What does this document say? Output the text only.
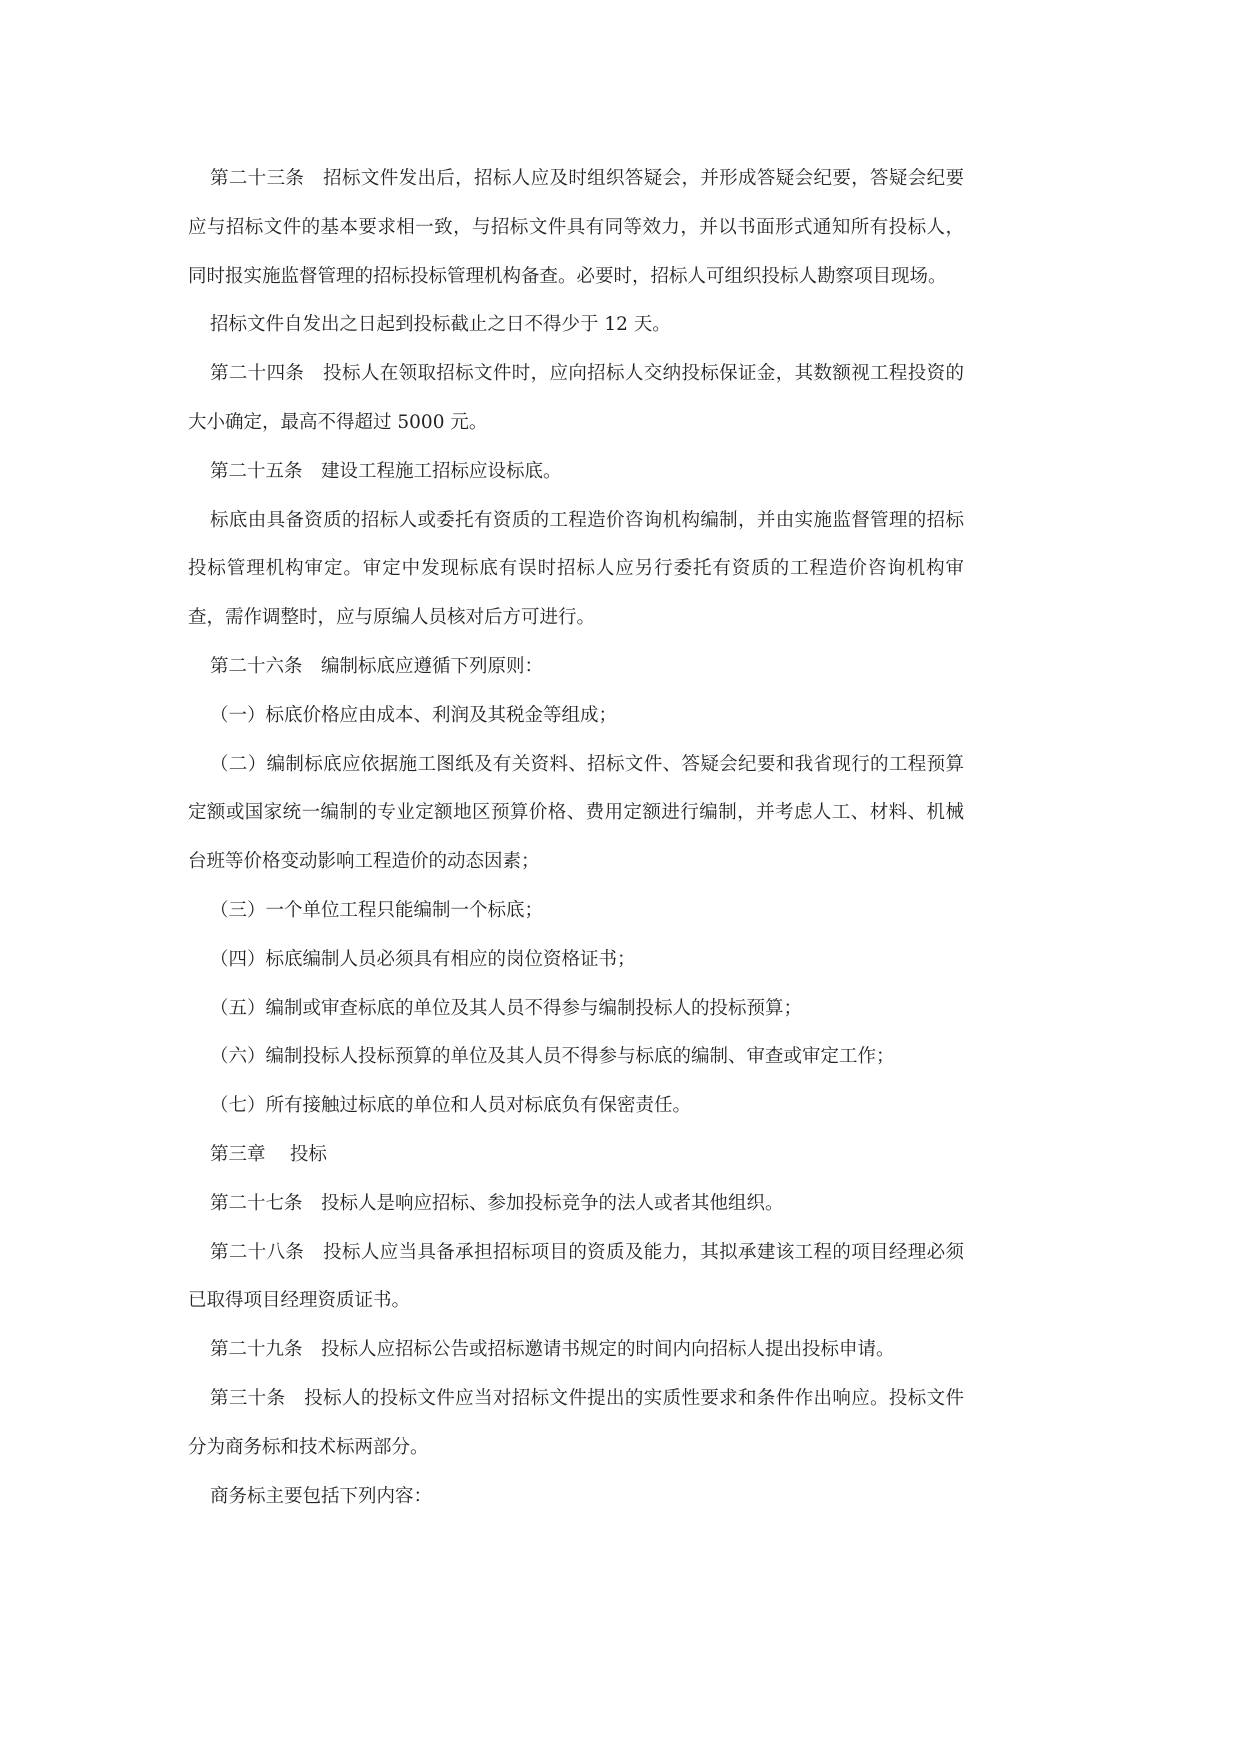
第二十三条　招标文件发出后，招标人应及时组织答疑会，并形成答疑会纪要，答疑会纪要应与招标文件的基本要求相一致，与招标文件具有同等效力，并以书面形式通知所有投标人，同时报实施监督管理的招标投标管理机构备查。必要时，招标人可组织投标人勘察项目现场。

招标文件自发出之日起到投标截止之日不得少于 12 天。

第二十四条　投标人在领取招标文件时，应向招标人交纳投标保证金，其数额视工程投资的大小确定，最高不得超过 5000 元。

第二十五条　建设工程施工招标应设标底。

标底由具备资质的招标人或委托有资质的工程造价咨询机构编制，并由实施监督管理的招标投标管理机构审定。审定中发现标底有误时招标人应另行委托有资质的工程造价咨询机构审查，需作调整时，应与原编人员核对后方可进行。

第二十六条　编制标底应遵循下列原则：

（一）标底价格应由成本、利润及其税金等组成；

（二）编制标底应依据施工图纸及有关资料、招标文件、答疑会纪要和我省现行的工程预算定额或国家统一编制的专业定额地区预算价格、费用定额进行编制，并考虑人工、材料、机械台班等价格变动影响工程造价的动态因素；

（三）一个单位工程只能编制一个标底；

（四）标底编制人员必须具有相应的岗位资格证书；

（五）编制或审查标底的单位及其人员不得参与编制投标人的投标预算；

（六）编制投标人投标预算的单位及其人员不得参与标底的编制、审查或审定工作；

（七）所有接触过标底的单位和人员对标底负有保密责任。

第三章　 投标

第二十七条　投标人是响应招标、参加投标竞争的法人或者其他组织。

第二十八条　投标人应当具备承担招标项目的资质及能力，其拟承建该工程的项目经理必须已取得项目经理资质证书。

第二十九条　投标人应招标公告或招标邀请书规定的时间内向招标人提出投标申请。

第三十条　投标人的投标文件应当对招标文件提出的实质性要求和条件作出响应。投标文件分为商务标和技术标两部分。

商务标主要包括下列内容：
